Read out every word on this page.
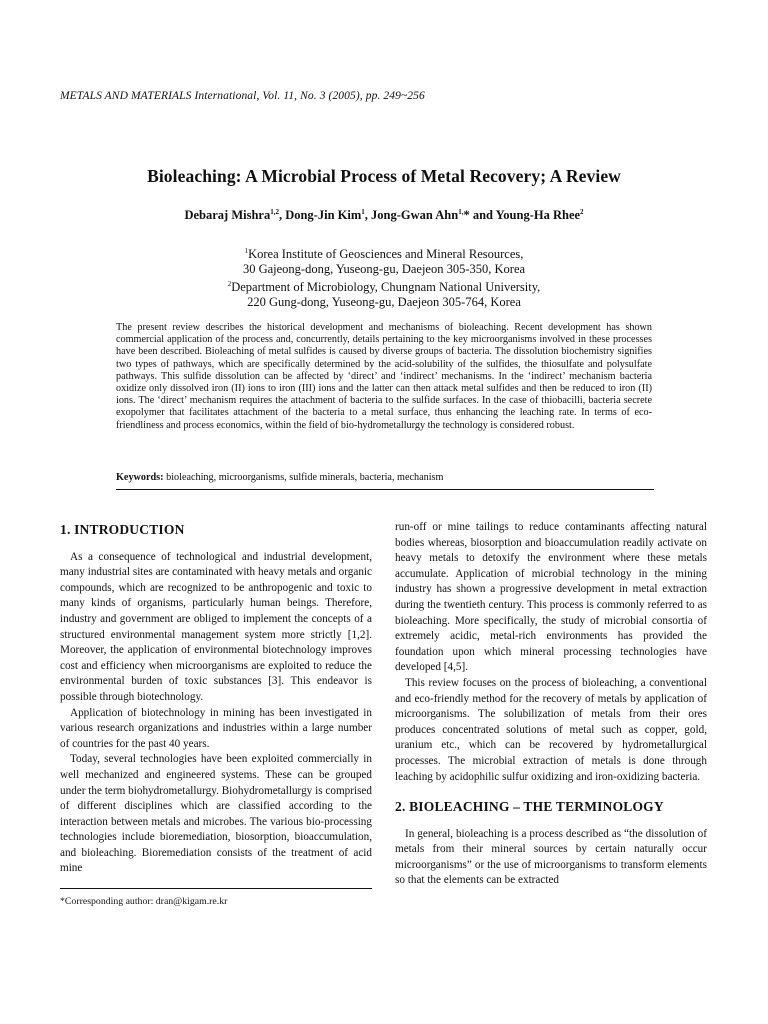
METALS AND MATERIALS International, Vol. 11, No. 3 (2005), pp. 249~256
Bioleaching: A Microbial Process of Metal Recovery; A Review
Debaraj Mishra$^{1,2}$, Dong-Jin Kim$^1$, Jong-Gwan Ahn$^{1,}$* and Young-Ha Rhee$^2$
$^1$Korea Institute of Geosciences and Mineral Resources,
30 Gajeong-dong, Yuseong-gu, Daejeon 305-350, Korea
$^2$Department of Microbiology, Chungnam National University,
220 Gung-dong, Yuseong-gu, Daejeon 305-764, Korea
The present review describes the historical development and mechanisms of bioleaching. Recent development has shown commercial application of the process and, concurrently, details pertaining to the key microorganisms involved in these processes have been described. Bioleaching of metal sulfides is caused by diverse groups of bacteria. The dissolution biochemistry signifies two types of pathways, which are specifically determined by the acid-solubility of the sulfides, the thiosulfate and polysulfate pathways. This sulfide dissolution can be affected by ‘direct’ and ‘indirect’ mechanisms. In the ‘indirect’ mechanism bacteria oxidize only dissolved iron (II) ions to iron (III) ions and the latter can then attack metal sulfides and then be reduced to iron (II) ions. The ‘direct’ mechanism requires the attachment of bacteria to the sulfide surfaces. In the case of thiobacilli, bacteria secrete exopolymer that facilitates attachment of the bacteria to a metal surface, thus enhancing the leaching rate. In terms of eco-friendliness and process economics, within the field of bio-hydrometallurgy the technology is considered robust.
Keywords: bioleaching, microorganisms, sulfide minerals, bacteria, mechanism
1. INTRODUCTION

As a consequence of technological and industrial development, many industrial sites are contaminated with heavy metals and organic compounds, which are recognized to be anthropogenic and toxic to many kinds of organisms, particularly human beings. Therefore, industry and government are obliged to implement the concepts of a structured environmental management system more strictly [1,2]. Moreover, the application of environmental biotechnology improves cost and efficiency when microorganisms are exploited to reduce the environmental burden of toxic substances [3]. This endeavor is possible through biotechnology.

Application of biotechnology in mining has been investigated in various research organizations and industries within a large number of countries for the past 40 years.

Today, several technologies have been exploited commercially in well mechanized and engineered systems. These can be grouped under the term biohydrometallurgy. Biohydrometallurgy is comprised of different disciplines which are classified according to the interaction between metals and microbes. The various bio-processing technologies include bioremediation, biosorption, bioaccumulation, and bioleaching. Bioremediation consists of the treatment of acid mine

*Corresponding author: dran@kigam.re.kr

run-off or mine tailings to reduce contaminants affecting natural bodies whereas, biosorption and bioaccumulation readily activate on heavy metals to detoxify the environment where these metals accumulate. Application of microbial technology in the mining industry has shown a progressive development in metal extraction during the twentieth century. This process is commonly referred to as bioleaching. More specifically, the study of microbial consortia of extremely acidic, metal-rich environments has provided the foundation upon which mineral processing technologies have developed [4,5].

This review focuses on the process of bioleaching, a conventional and eco-friendly method for the recovery of metals by application of microorganisms. The solubilization of metals from their ores produces concentrated solutions of metal such as copper, gold, uranium etc., which can be recovered by hydrometallurgical processes. The microbial extraction of metals is done through leaching by acidophilic sulfur oxidizing and iron-oxidizing bacteria.

2. BIOLEACHING – THE TERMINOLOGY

In general, bioleaching is a process described as “the dissolution of metals from their mineral sources by certain naturally occur microorganisms” or the use of microorganisms to transform elements so that the elements can be extracted
